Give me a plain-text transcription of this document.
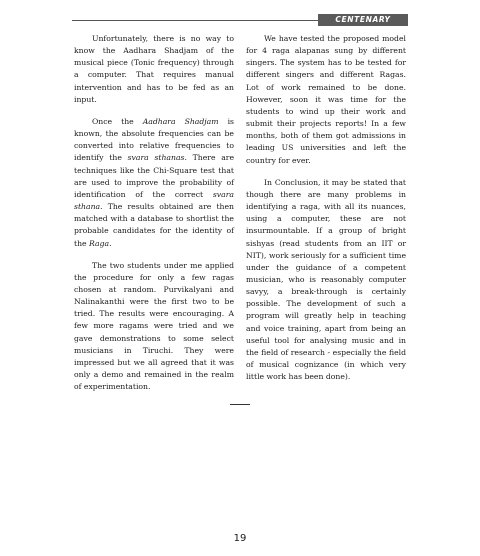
CENTENARY SOUVENIR

Unfortunately, there is no way to know the Aadhara Shadjam of the musical piece (Tonic frequency) through a computer. That requires manual intervention and has to be fed as an input.

Once the Aadhara Shadjam is known, the absolute frequencies can be converted into relative frequencies to identify the svara sthanas. There are techniques like the Chi-Square test that are used to improve the probability of identification of the correct svara sthana. The results obtained are then matched with a database to shortlist the probable candidates for the identity of the Raga.

The two students under me applied the procedure for only a few ragas chosen at random. Purvikalyani and Nalinakanthi were the first two to be tried. The results were encouraging. A few more ragams were tried and we gave demonstrations to some select musicians in Tiruchi. They were impressed but we all agreed that it was only a demo and remained in the realm of experimentation.

We have tested the proposed model for 4 raga alapanas sung by different singers. The system has to be tested for different singers and different Ragas. Lot of work remained to be done. However, soon it was time for the students to wind up their work and submit their projects reports! In a few months, both of them got admissions in leading US universities and left the country for ever.

In Conclusion, it may be stated that though there are many problems in identifying a raga, with all its nuances, using a computer, these are not insurmountable. If a group of bright sishyas (read students from an IIT or NIT), work seriously for a sufficient time under the guidance of a competent musician, who is reasonably computer savyy, a break-through is certainly possible. The development of such a program will greatly help in teaching and voice training, apart from being an useful tool for analysing music and in the field of research - especially the field of musical cognizance (in which very little work has been done).

19
